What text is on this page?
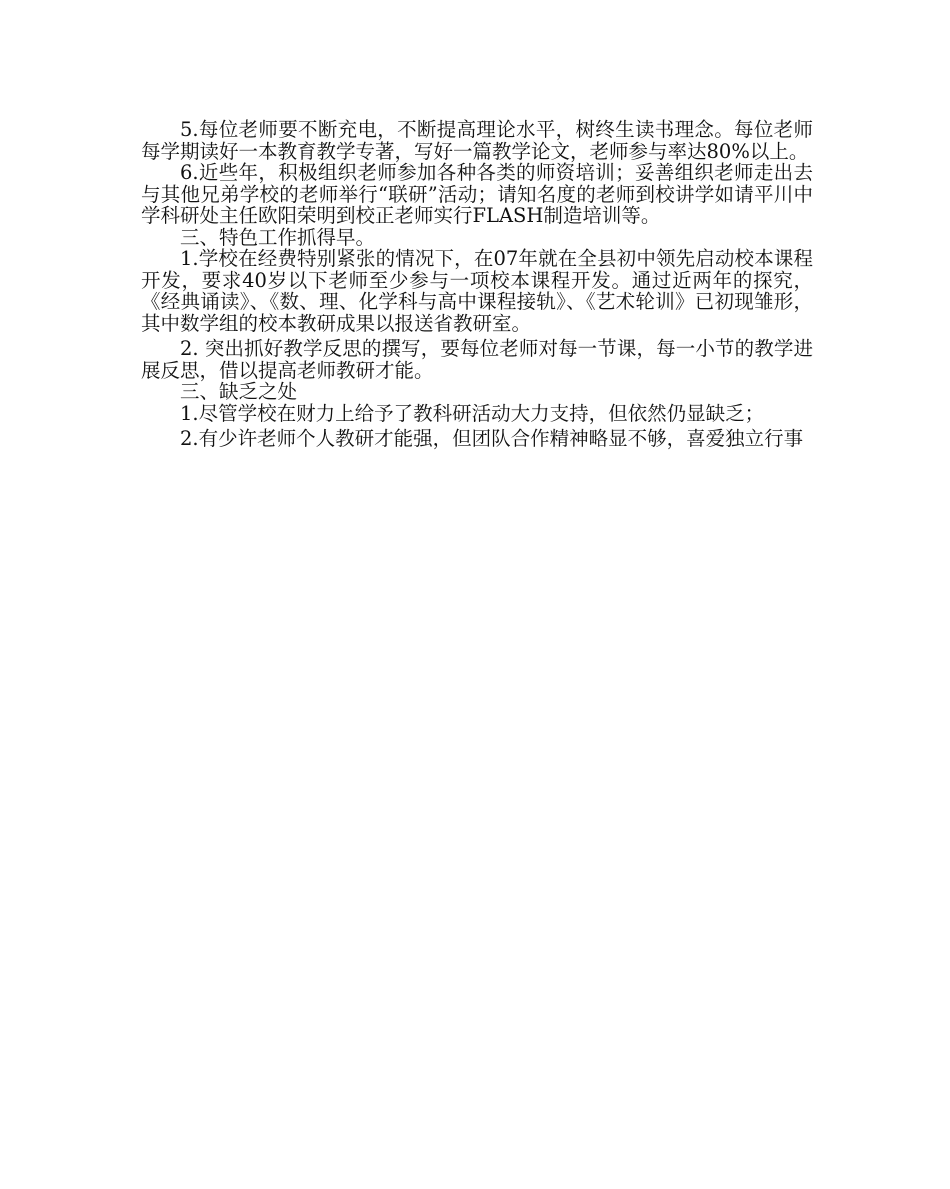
5.每位老师要不断充电，不断提高理论水平，树终生读书理念。每位老师每学期读好一本教育教学专著，写好一篇教学论文，老师参与率达80%以上。

6.近些年，积极组织老师参加各种各类的师资培训；妥善组织老师走出去与其他兄弟学校的老师举行“联研”活动；请知名度的老师到校讲学如请平川中学科研处主任欧阳荣明到校正老师实行FLASH制造培训等。

三、特色工作抓得早。

1.学校在经费特别紧张的情况下，在07年就在全县初中领先启动校本课程开发，要求40岁以下老师至少参与一项校本课程开发。通过近两年的探究，《经典诵读》、《数、理、化学科与高中课程接轨》、《艺术轮训》已初现雏形，其中数学组的校本教研成果以报送省教研室。

2. 突出抓好教学反思的撰写，要每位老师对每一节课，每一小节的教学进展反思，借以提高老师教研才能。

三、缺乏之处

1.尽管学校在财力上给予了教科研活动大力支持，但依然仍显缺乏；

2.有少许老师个人教研才能强，但团队合作精神略显不够，喜爱独立行事
